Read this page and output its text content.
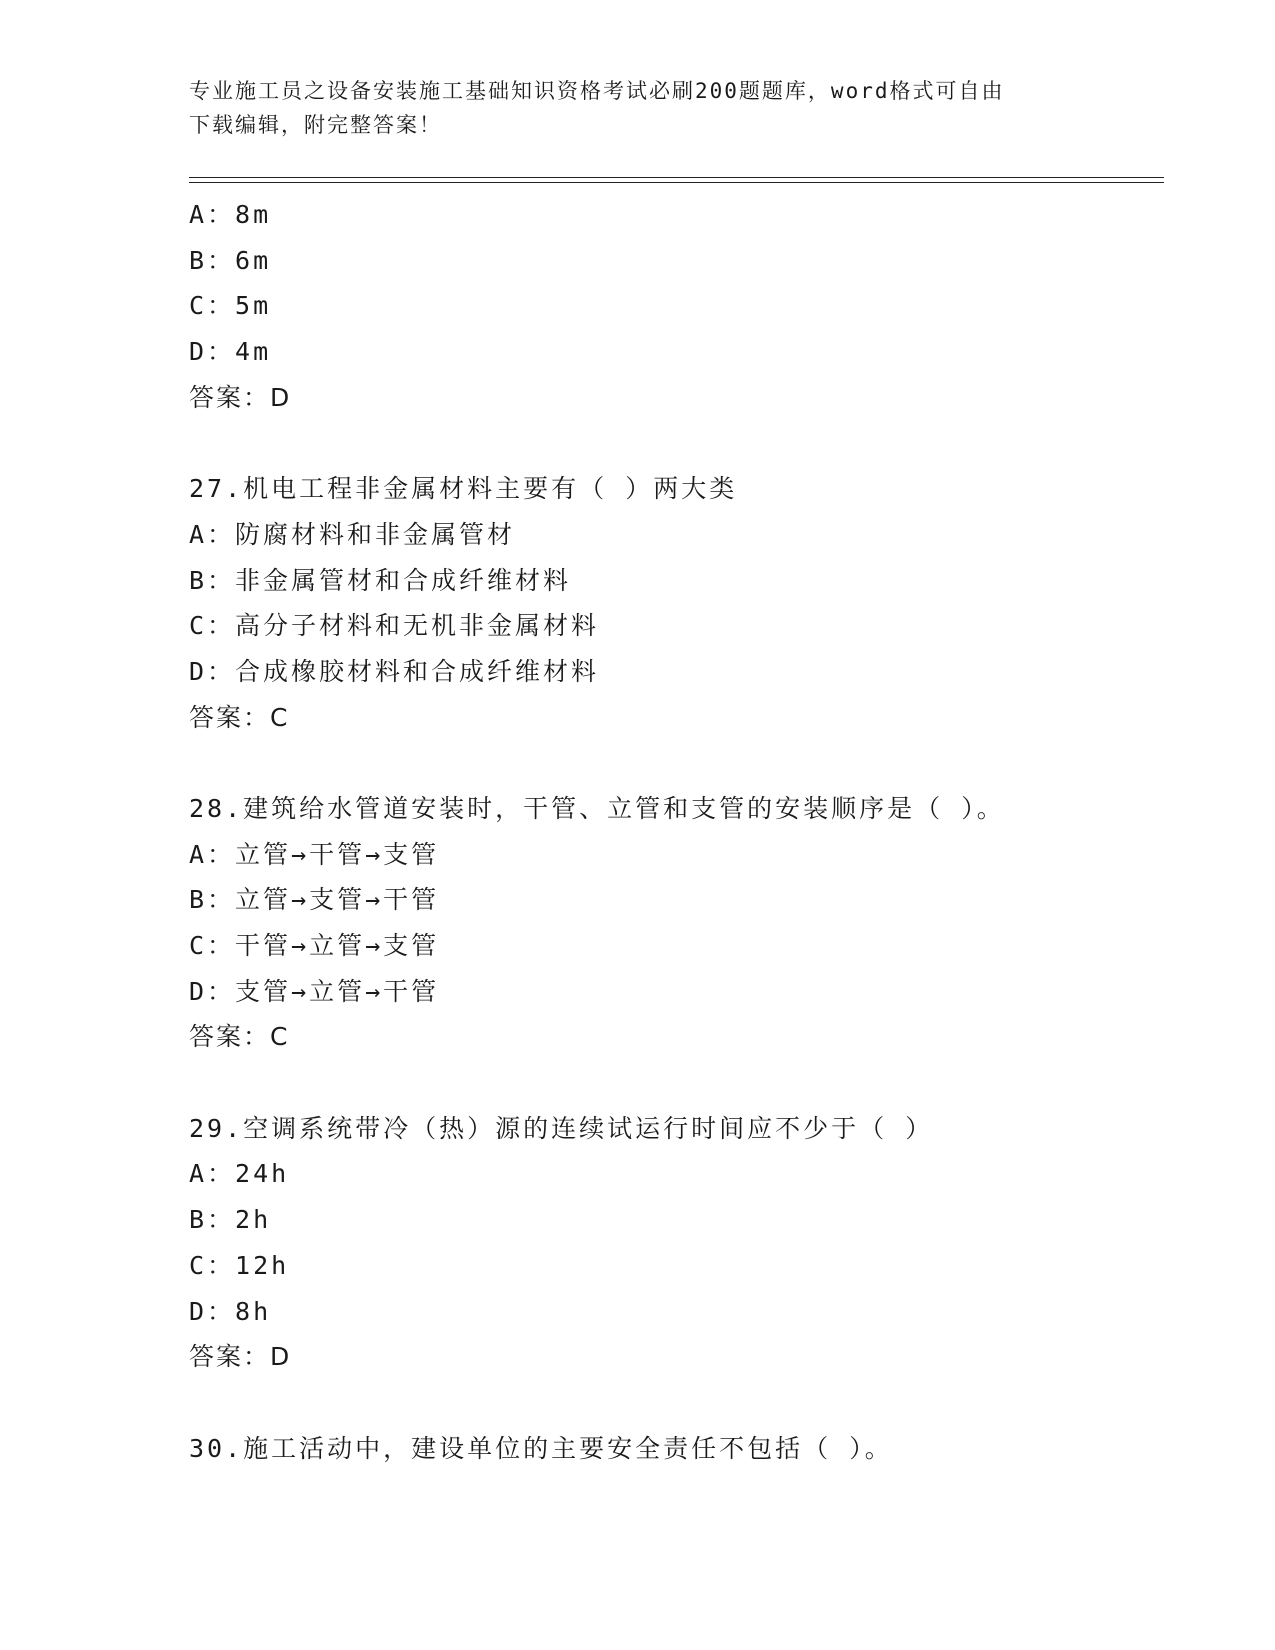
专业施工员之设备安装施工基础知识资格考试必刷200题题库，word格式可自由
下载编辑，附完整答案！
A：8m
B：6m
C：5m
D：4m
答案：D
27.机电工程非金属材料主要有（ ）两大类
A：防腐材料和非金属管材
B：非金属管材和合成纤维材料
C：高分子材料和无机非金属材料
D：合成橡胶材料和合成纤维材料
答案：C
28.建筑给水管道安装时，干管、立管和支管的安装顺序是（ ）。
A：立管→干管→支管
B：立管→支管→干管
C：干管→立管→支管
D：支管→立管→干管
答案：C
29.空调系统带冷（热）源的连续试运行时间应不少于（ ）
A：24h
B：2h
C：12h
D：8h
答案：D
30.施工活动中，建设单位的主要安全责任不包括（ ）。
